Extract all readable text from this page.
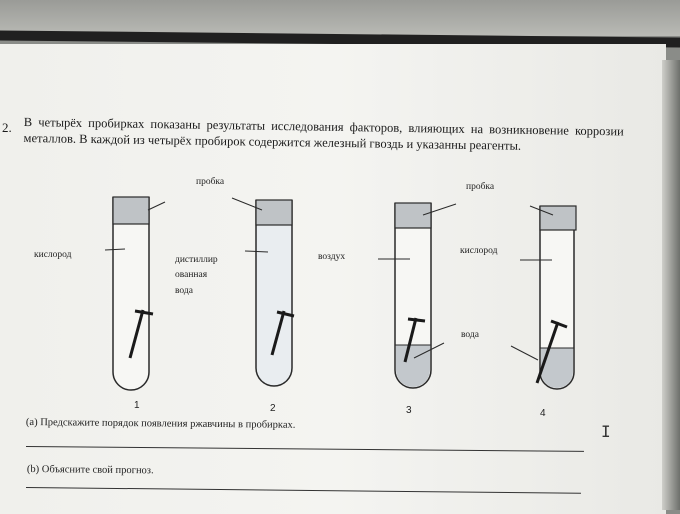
2. В четырёх пробирках показаны результаты исследования факторов, влияющих на возникновение коррозии металлов. В каждой из четырёх пробирок содержится железный гвоздь и указанны реагенты.
пробка	пробка
кислород	дистиллир
ованная
вода
воздух
кислород
вода
1	2	3	4
(a) Предскажите порядок появления ржавчины в пробирках.
(b) Объясните свой прогноз.
Ι
